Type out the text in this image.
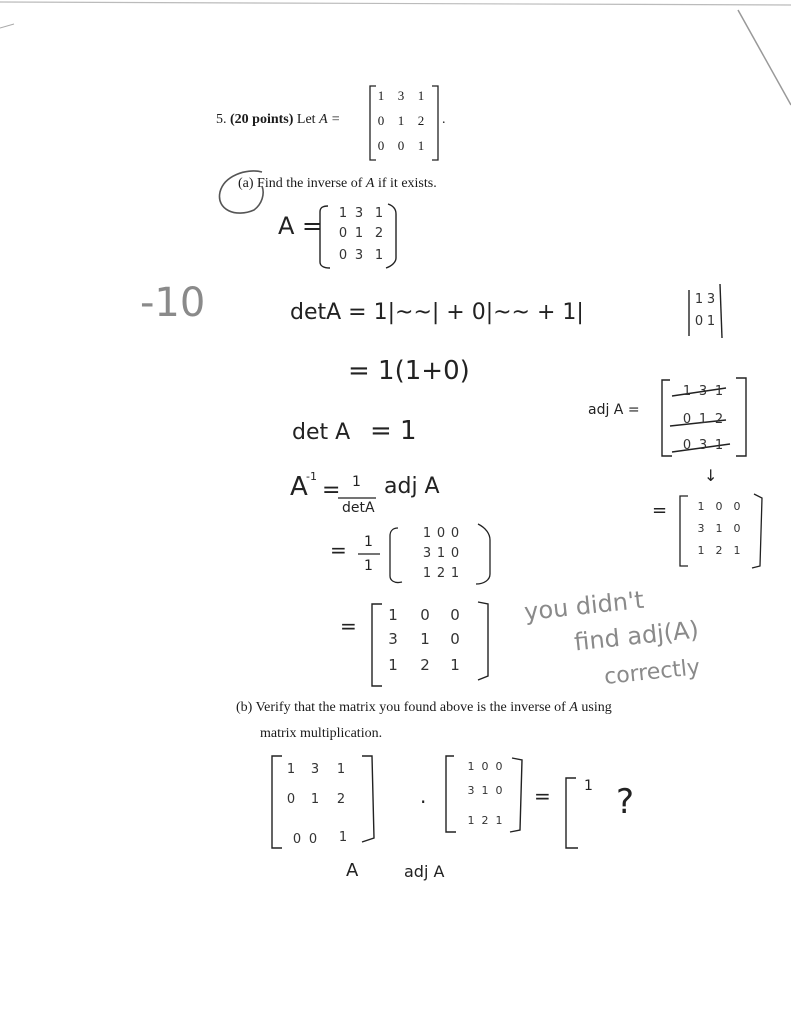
5. (20 points) Let A =
1	3	1
0	1	2
0	0	1
.
(a) Find the inverse of A if it exists.
(b) Verify that the matrix you found above is the inverse of A using
matrix multiplication.
A = 1 3 1
0 1 2
0 3 1
detA = 1|~~| + 0|~~ + 1|
1 3
0 1
= 1(1+0)
det A = 1
A
-1
= 1
detA
adj A
= 1
1
1 0 0
3 1 0
1 2 1
= 1 0 0
3 1 0
1 2 1
adj A =
1 3 1
0 1 2
0 3 1
↓
=	1	0	0
3	1	0
1	2	1
1 3 1
0 1 2
0 0 1
·
1 0 0
3 1 0
1 2 1
= 1 ?
A	adj A
-10
you didn't
find adj(A)
correctly
